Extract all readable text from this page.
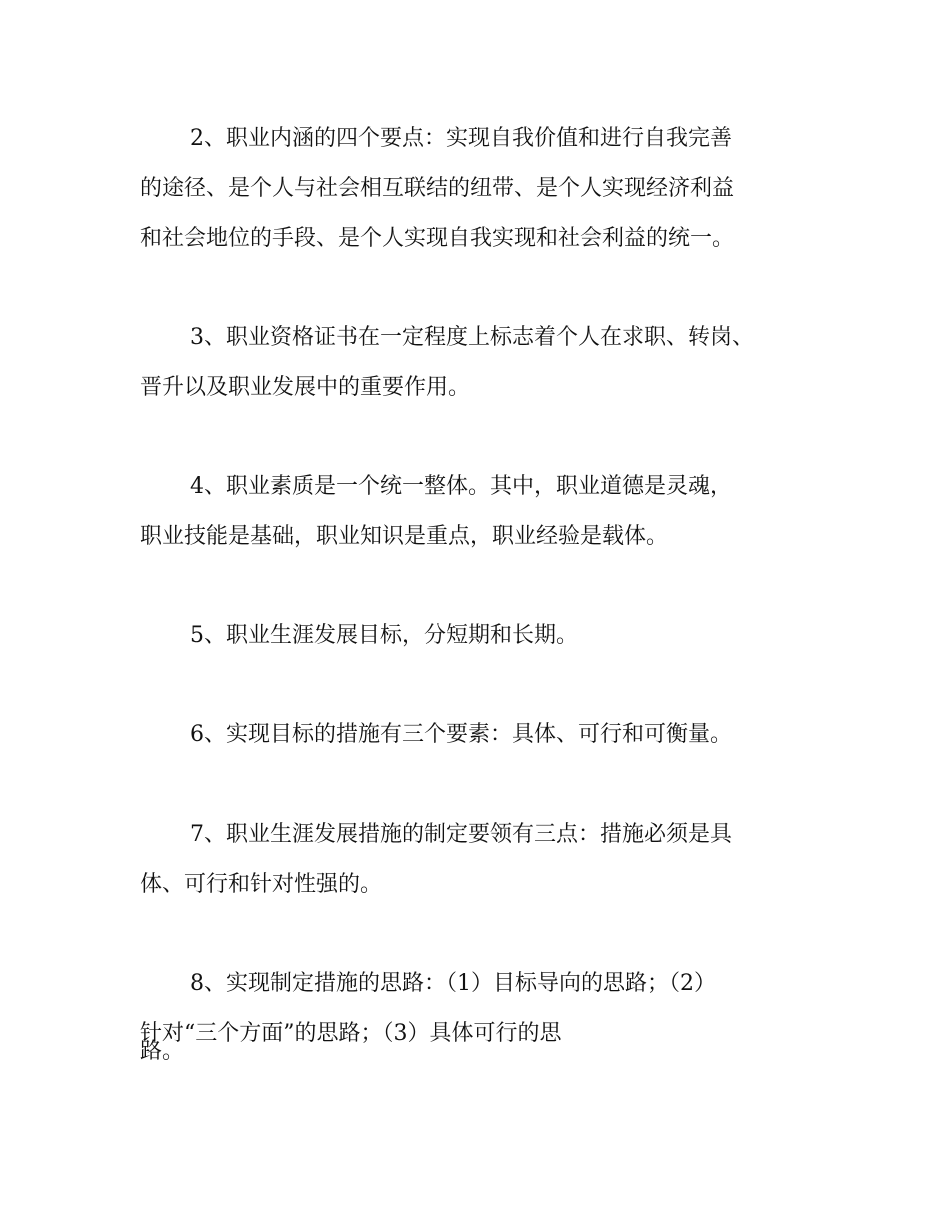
2、职业内涵的四个要点：实现自我价值和进行自我完善
的途径、是个人与社会相互联结的纽带、是个人实现经济利益
和社会地位的手段、是个人实现自我实现和社会利益的统一。
3、职业资格证书在一定程度上标志着个人在求职、转岗、
晋升以及职业发展中的重要作用。
4、职业素质是一个统一整体。其中，职业道德是灵魂，
职业技能是基础，职业知识是重点，职业经验是载体。
5、职业生涯发展目标，分短期和长期。
6、实现目标的措施有三个要素：具体、可行和可衡量。
7、职业生涯发展措施的制定要领有三点：措施必须是具
体、可行和针对性强的。
8、实现制定措施的思路：（1）目标导向的思路；（2）
针对“三个方面”的思路；（3）具体可行的思
路。
